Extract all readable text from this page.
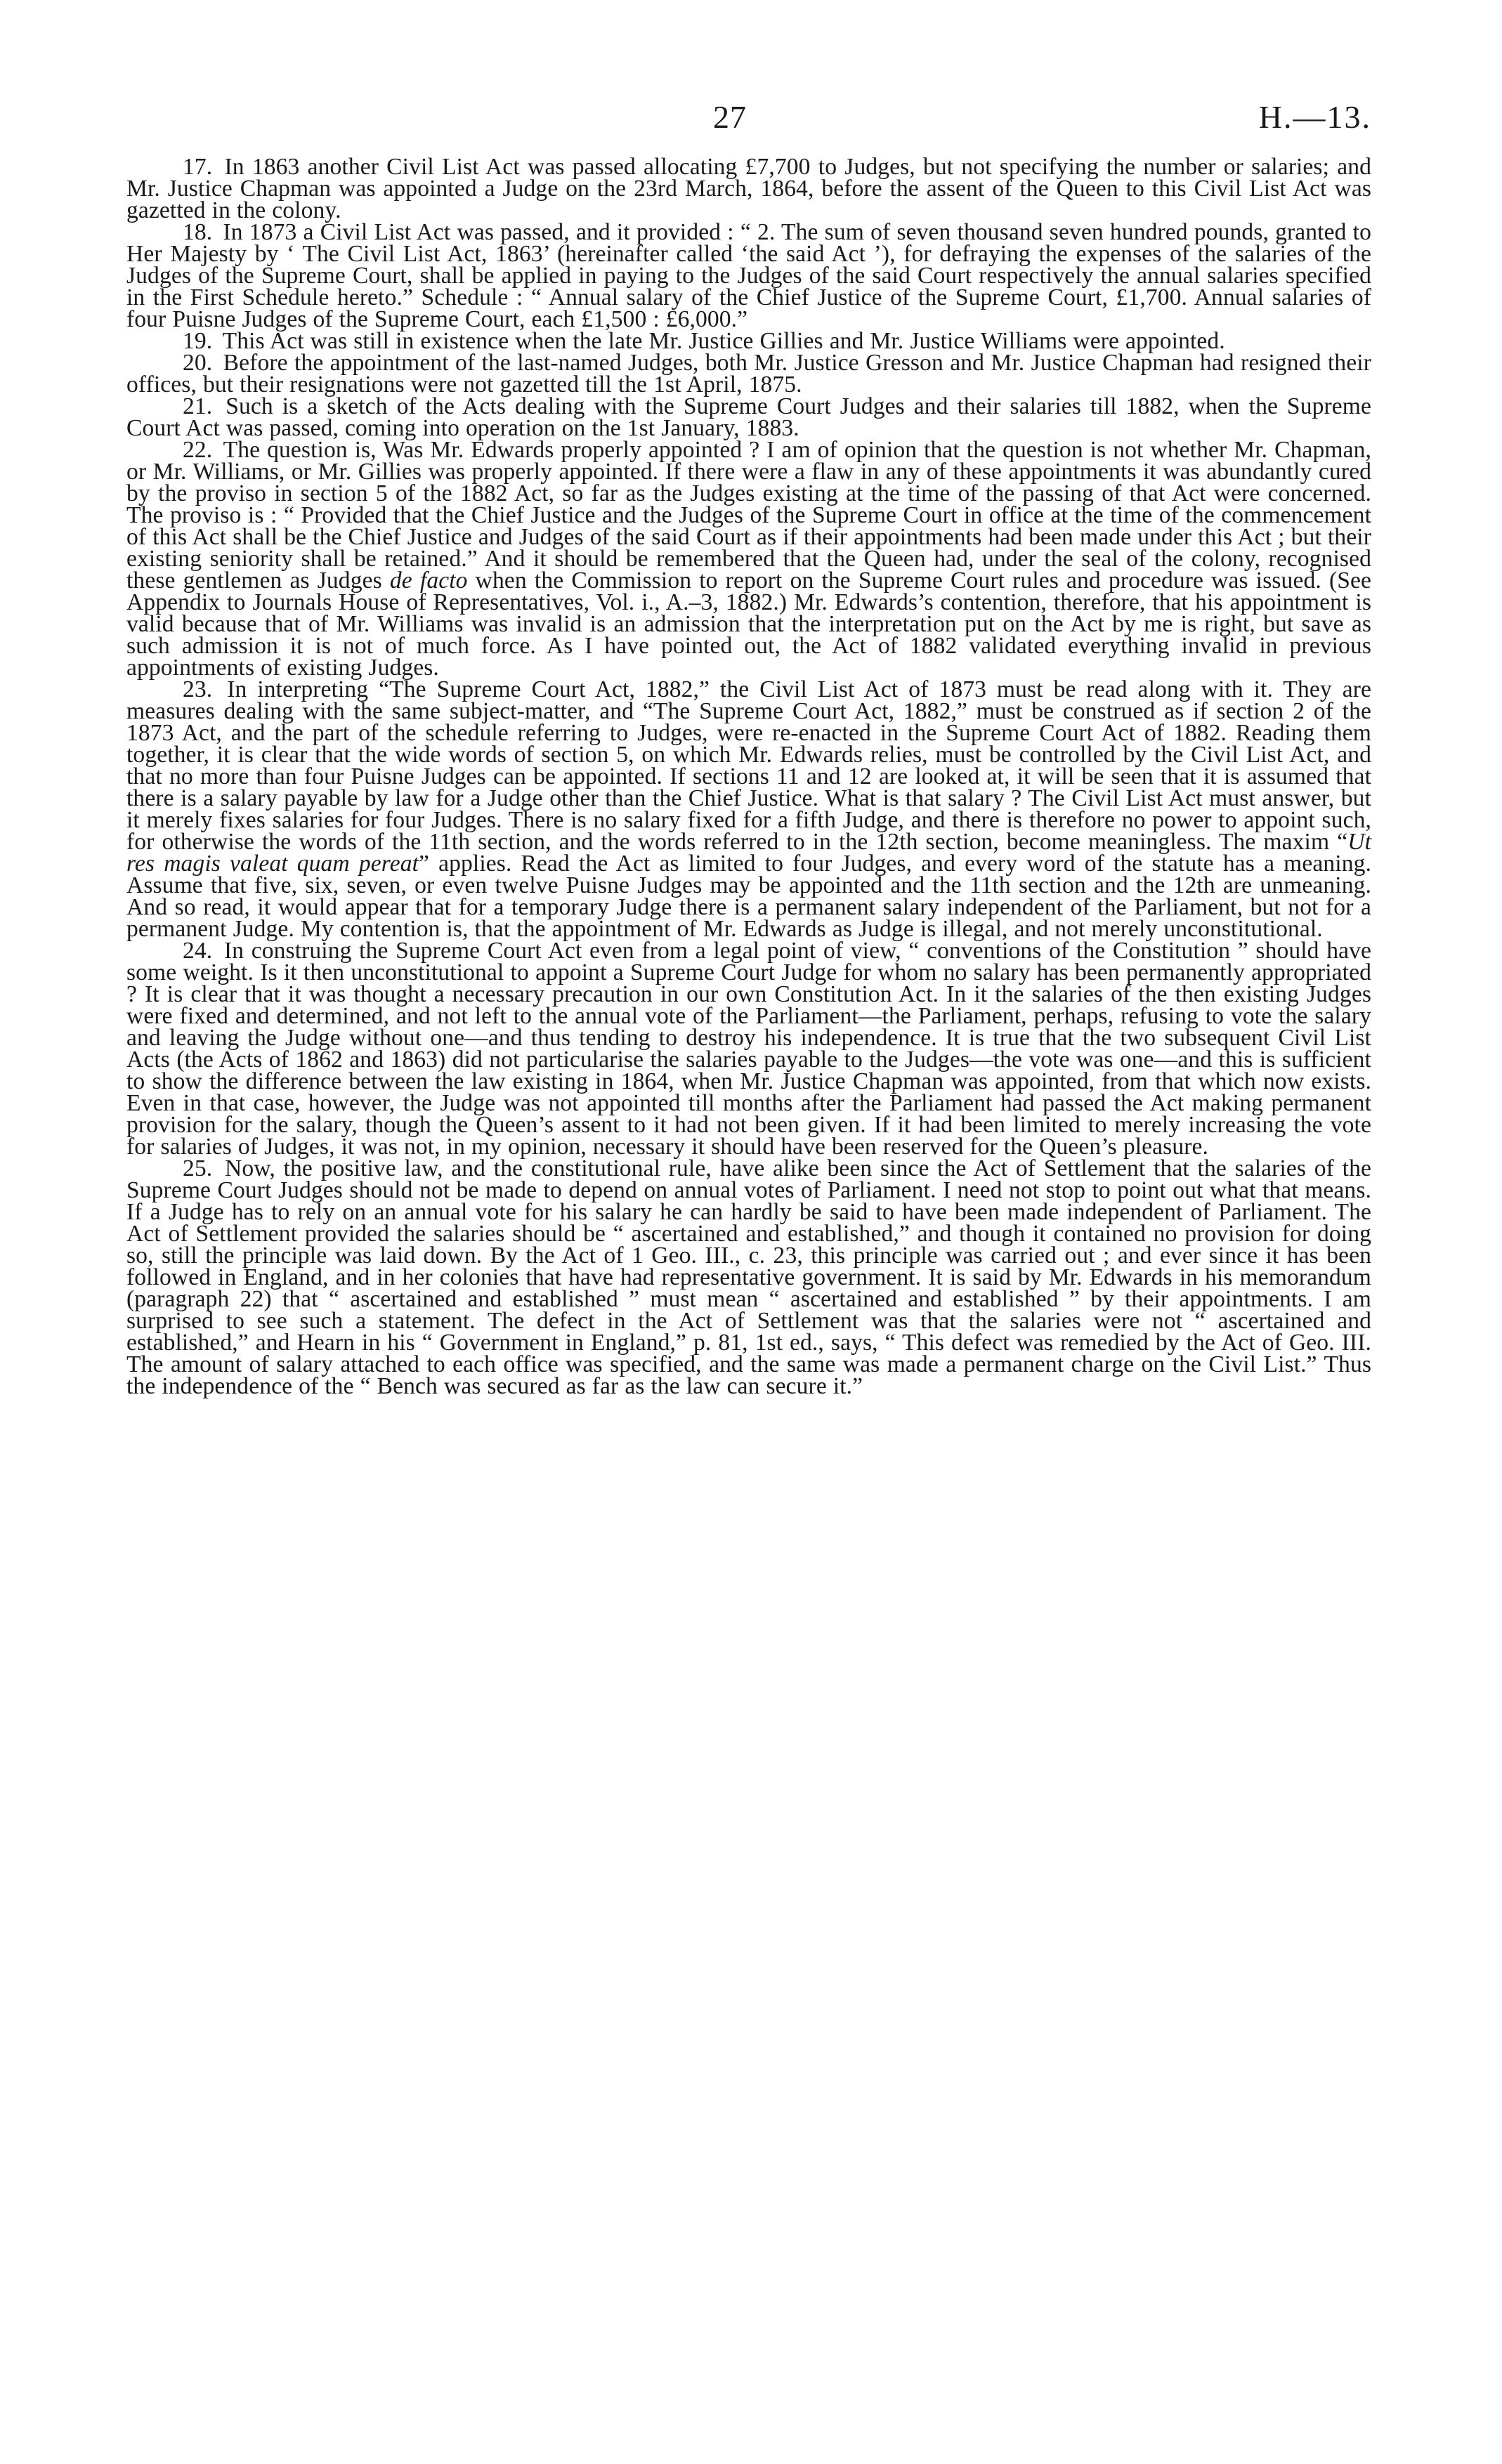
27	H.—13.

17. In 1863 another Civil List Act was passed allocating £7,700 to Judges, but not specifying the number or salaries; and Mr. Justice Chapman was appointed a Judge on the 23rd March, 1864, before the assent of the Queen to this Civil List Act was gazetted in the colony.

18. In 1873 a Civil List Act was passed, and it provided : “ 2. The sum of seven thousand seven hundred pounds, granted to Her Majesty by ‘ The Civil List Act, 1863’ (hereinafter called ‘the said Act ’), for defraying the expenses of the salaries of the Judges of the Supreme Court, shall be applied in paying to the Judges of the said Court respectively the annual salaries specified in the First Schedule hereto.” Schedule : “ Annual salary of the Chief Justice of the Supreme Court, £1,700. Annual salaries of four Puisne Judges of the Supreme Court, each £1,500 : £6,000.”

19. This Act was still in existence when the late Mr. Justice Gillies and Mr. Justice Williams were appointed.

20. Before the appointment of the last-named Judges, both Mr. Justice Gresson and Mr. Justice Chapman had resigned their offices, but their resignations were not gazetted till the 1st April, 1875.

21. Such is a sketch of the Acts dealing with the Supreme Court Judges and their salaries till 1882, when the Supreme Court Act was passed, coming into operation on the 1st January, 1883.

22. The question is, Was Mr. Edwards properly appointed ? I am of opinion that the question is not whether Mr. Chapman, or Mr. Williams, or Mr. Gillies was properly appointed. If there were a flaw in any of these appointments it was abundantly cured by the proviso in section 5 of the 1882 Act, so far as the Judges existing at the time of the passing of that Act were concerned. The proviso is : “ Provided that the Chief Justice and the Judges of the Supreme Court in office at the time of the commencement of this Act shall be the Chief Justice and Judges of the said Court as if their appointments had been made under this Act ; but their existing seniority shall be retained.” And it should be remembered that the Queen had, under the seal of the colony, recognised these gentlemen as Judges de facto when the Commission to report on the Supreme Court rules and procedure was issued. (See Appendix to Journals House of Representatives, Vol. i., A.–3, 1882.) Mr. Edwards’s contention, therefore, that his appointment is valid because that of Mr. Williams was invalid is an admission that the interpretation put on the Act by me is right, but save as such admission it is not of much force. As I have pointed out, the Act of 1882 validated everything invalid in previous appointments of existing Judges.

23. In interpreting “The Supreme Court Act, 1882,” the Civil List Act of 1873 must be read along with it. They are measures dealing with the same subject-matter, and “The Supreme Court Act, 1882,” must be construed as if section 2 of the 1873 Act, and the part of the schedule referring to Judges, were re-enacted in the Supreme Court Act of 1882. Reading them together, it is clear that the wide words of section 5, on which Mr. Edwards relies, must be controlled by the Civil List Act, and that no more than four Puisne Judges can be appointed. If sections 11 and 12 are looked at, it will be seen that it is assumed that there is a salary payable by law for a Judge other than the Chief Justice. What is that salary ? The Civil List Act must answer, but it merely fixes salaries for four Judges. There is no salary fixed for a fifth Judge, and there is therefore no power to appoint such, for otherwise the words of the 11th section, and the words referred to in the 12th section, become meaningless. The maxim “Ut res magis valeat quam pereat” applies. Read the Act as limited to four Judges, and every word of the statute has a meaning. Assume that five, six, seven, or even twelve Puisne Judges may be appointed and the 11th section and the 12th are unmeaning. And so read, it would appear that for a temporary Judge there is a permanent salary independent of the Parliament, but not for a permanent Judge. My contention is, that the appointment of Mr. Edwards as Judge is illegal, and not merely unconstitutional.

24. In construing the Supreme Court Act even from a legal point of view, “ conventions of the Constitution ” should have some weight. Is it then unconstitutional to appoint a Supreme Court Judge for whom no salary has been permanently appropriated ? It is clear that it was thought a necessary precaution in our own Constitution Act. In it the salaries of the then existing Judges were fixed and determined, and not left to the annual vote of the Parliament—the Parliament, perhaps, refusing to vote the salary and leaving the Judge without one—and thus tending to destroy his independence. It is true that the two subsequent Civil List Acts (the Acts of 1862 and 1863) did not particularise the salaries payable to the Judges—the vote was one—and this is sufficient to show the difference between the law existing in 1864, when Mr. Justice Chapman was appointed, from that which now exists. Even in that case, however, the Judge was not appointed till months after the Parliament had passed the Act making permanent provision for the salary, though the Queen’s assent to it had not been given. If it had been limited to merely increasing the vote for salaries of Judges, it was not, in my opinion, necessary it should have been reserved for the Queen’s pleasure.

25. Now, the positive law, and the constitutional rule, have alike been since the Act of Settlement that the salaries of the Supreme Court Judges should not be made to depend on annual votes of Parliament. I need not stop to point out what that means. If a Judge has to rely on an annual vote for his salary he can hardly be said to have been made independent of Parliament. The Act of Settlement provided the salaries should be “ ascertained and established,” and though it contained no provision for doing so, still the principle was laid down. By the Act of 1 Geo. III., c. 23, this principle was carried out ; and ever since it has been followed in England, and in her colonies that have had representative government. It is said by Mr. Edwards in his memorandum (paragraph 22) that “ ascertained and established ” must mean “ ascertained and established ” by their appointments. I am surprised to see such a statement. The defect in the Act of Settlement was that the salaries were not “ ascertained and established,” and Hearn in his “ Government in England,” p. 81, 1st ed., says, “ This defect was remedied by the Act of Geo. III. The amount of salary attached to each office was specified, and the same was made a permanent charge on the Civil List.” Thus the independence of the “ Bench was secured as far as the law can secure it.”
